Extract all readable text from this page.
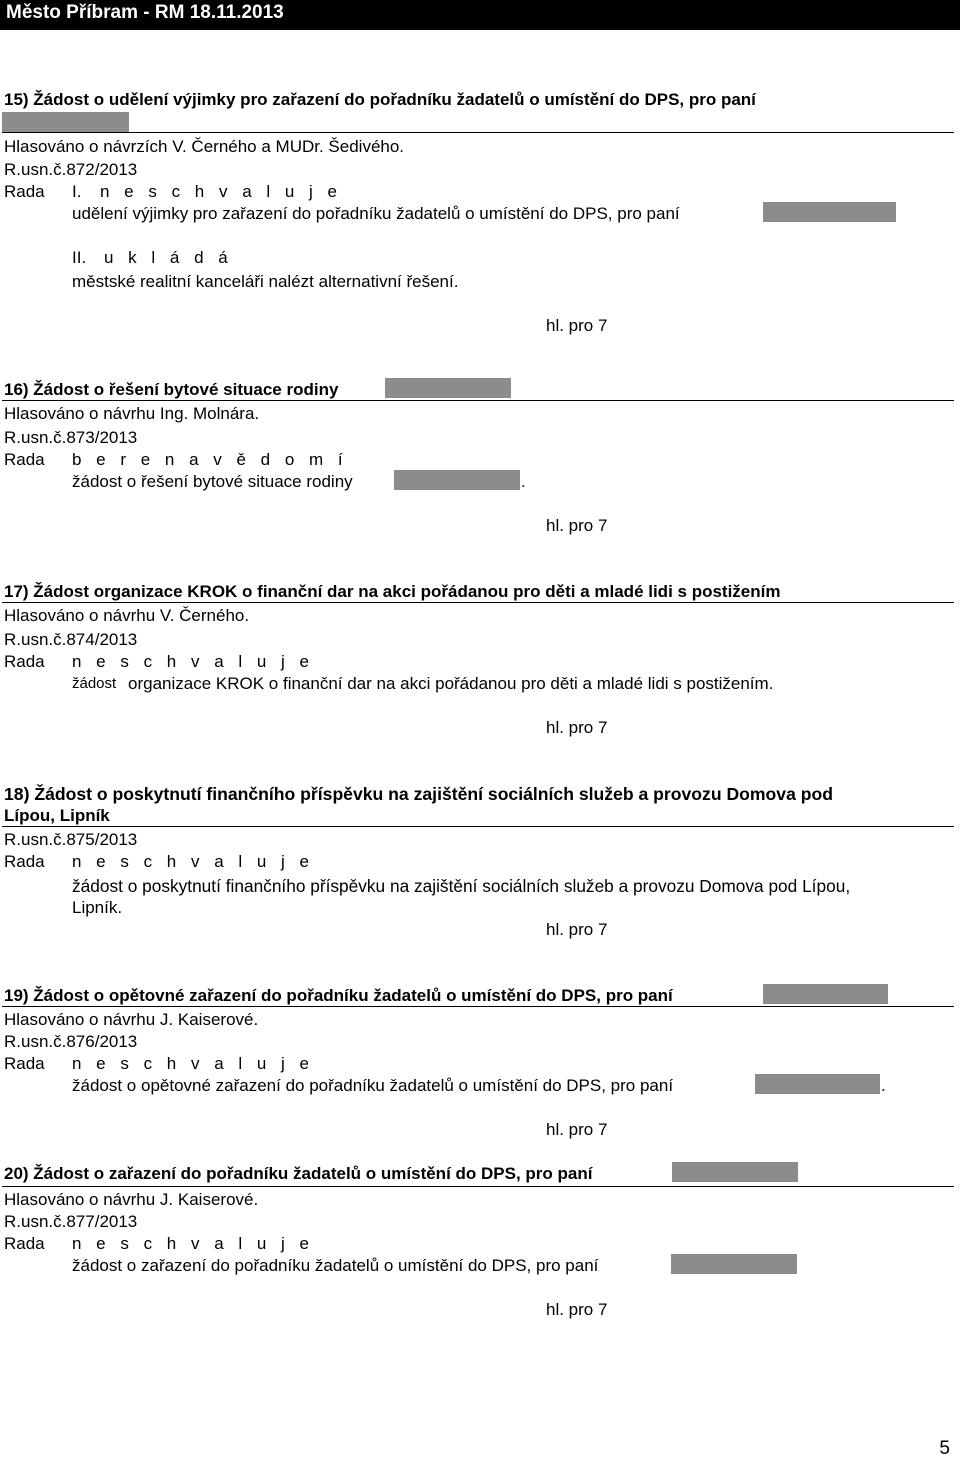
Město Příbram - RM 18.11.2013
15) Žádost o udělení výjimky pro zařazení do pořadníku žadatelů o umístění do DPS, pro paní
Hlasováno o návrzích V. Černého a MUDr. Šedivého.
R.usn.č.872/2013
Rada I. n e s c h v a l u j e
udělení výjimky pro zařazení do pořadníku žadatelů o umístění do DPS, pro paní
II. u k l á d á
městské realitní kanceláři nalézt alternativní řešení.
hl. pro 7
16) Žádost o řešení bytové situace rodiny
Hlasováno o návrhu Ing. Molnára.
R.usn.č.873/2013
Rada b e r e n a v ě d o m í
žádost o řešení bytové situace rodiny	.
hl. pro 7
17) Žádost organizace KROK o finanční dar na akci pořádanou pro děti a mladé lidi s postižením
Hlasováno o návrhu V. Černého.
R.usn.č.874/2013
Rada n e s c h v a l u j e
žádost organizace KROK o finanční dar na akci pořádanou pro děti a mladé lidi s postižením.
hl. pro 7
18) Žádost o poskytnutí finančního příspěvku na zajištění sociálních služeb a provozu Domova pod
Lípou, Lipník
R.usn.č.875/2013
Rada n e s c h v a l u j e
žádost o poskytnutí finančního příspěvku na zajištění sociálních služeb a provozu Domova pod Lípou,
Lipník.
hl. pro 7
19) Žádost o opětovné zařazení do pořadníku žadatelů o umístění do DPS, pro paní
Hlasováno o návrhu J. Kaiserové.
R.usn.č.876/2013
Rada n e s c h v a l u j e
žádost o opětovné zařazení do pořadníku žadatelů o umístění do DPS, pro paní	.
hl. pro 7
20) Žádost o zařazení do pořadníku žadatelů o umístění do DPS, pro paní
Hlasováno o návrhu J. Kaiserové.
R.usn.č.877/2013
Rada n e s c h v a l u j e
žádost o zařazení do pořadníku žadatelů o umístění do DPS, pro paní
hl. pro 7
5
